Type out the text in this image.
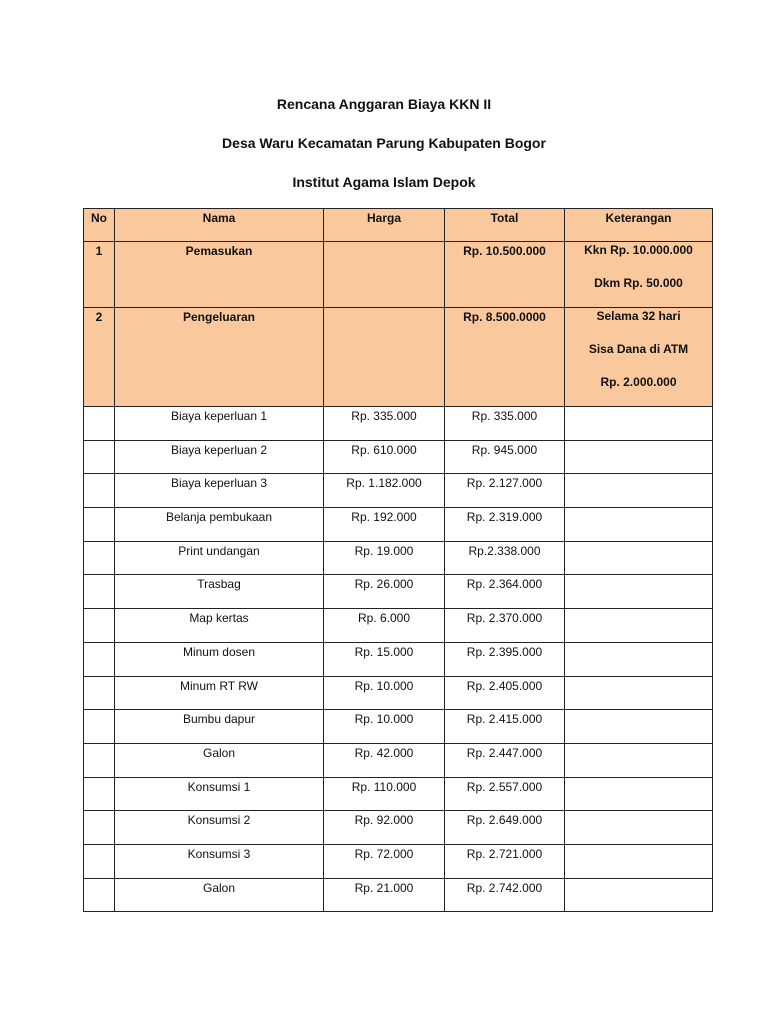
Rencana Anggaran Biaya KKN II
Desa Waru Kecamatan Parung Kabupaten Bogor
Institut Agama Islam Depok
No	Nama	Harga	Total	Keterangan

1	Pemasukan		Rp. 10.500.000	Kkn Rp. 10.000.000
Dkm Rp. 50.000

2	Pengeluaran		Rp. 8.500.0000	Selama 32 hari
Sisa Dana di ATM
Rp. 2.000.000

	Biaya keperluan 1	Rp. 335.000	Rp. 335.000	

	Biaya keperluan 2	Rp. 610.000	Rp. 945.000	

	Biaya keperluan 3	Rp. 1.182.000	Rp. 2.127.000	

	Belanja pembukaan	Rp. 192.000	Rp. 2.319.000	

	Print undangan	Rp. 19.000	Rp.2.338.000	

	Trasbag	Rp. 26.000	Rp. 2.364.000	

	Map kertas	Rp. 6.000	Rp. 2.370.000	

	Minum dosen	Rp. 15.000	Rp. 2.395.000	

	Minum RT RW	Rp. 10.000	Rp. 2.405.000	

	Bumbu dapur	Rp. 10.000	Rp. 2.415.000	

	Galon	Rp. 42.000	Rp. 2.447.000	

	Konsumsi 1	Rp. 110.000	Rp. 2.557.000	

	Konsumsi 2	Rp. 92.000	Rp. 2.649.000	

	Konsumsi 3	Rp. 72.000	Rp. 2.721.000	

	Galon	Rp. 21.000	Rp. 2.742.000	
